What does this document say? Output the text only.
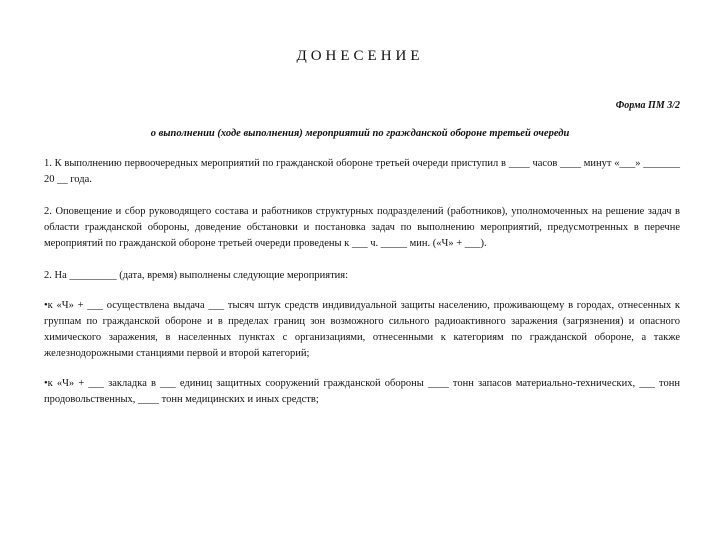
ДОНЕСЕНИЕ
Форма ПМ 3/2
о выполнении (ходе выполнения) мероприятий по гражданской обороне третьей очереди

1. К выполнению первоочередных мероприятий по гражданской обороне третьей очереди приступил в ____ часов ____ минут «___» _______ 20 __ года.

2. Оповещение и сбор руководящего состава и работников структурных подразделений (работников), уполномоченных на решение задач в области гражданской обороны, доведение обстановки и постановка задач по выполнению мероприятий, предусмотренных в перечне мероприятий по гражданской обороне третьей очереди проведены к ___ ч. _____ мин. («Ч» + ___).

2. На _________ (дата, время) выполнены следующие мероприятия:

•к «Ч» + ___ осуществлена выдача ___ тысяч штук средств индивидуальной защиты населению, проживающему в городах, отнесенных к группам по гражданской обороне и в пределах границ зон возможного сильного радиоактивного заражения (загрязнения) и опасного химического заражения, в населенных пунктах с организациями, отнесенными к категориям по гражданской обороне, а также железнодорожными станциями первой и второй категорий;

•к «Ч» + ___ закладка в ___ единиц защитных сооружений гражданской обороны ____ тонн запасов материально-технических, ___ тонн продовольственных, ____ тонн медицинских и иных средств;
